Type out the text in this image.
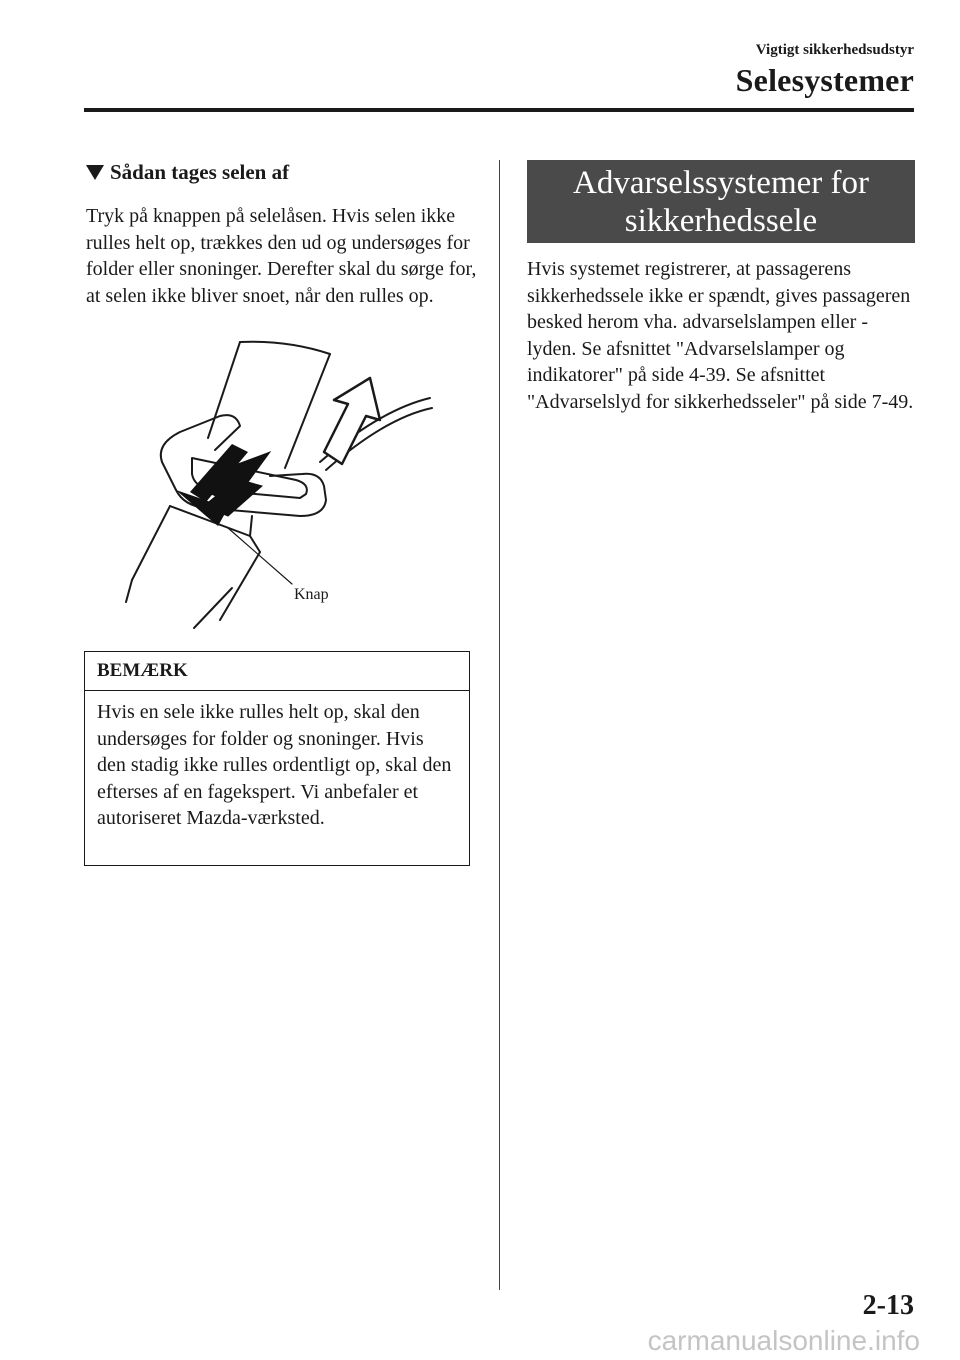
Vigtigt sikkerhedsudstyr
Selesystemer
Sådan tages selen af

Tryk på knappen på selelåsen. Hvis selen ikke rulles helt op, trækkes den ud og undersøges for folder eller snoninger. Derefter skal du sørge for, at selen ikke bliver snoet, når den rulles op.

Knap
BEMÆRK
Hvis en sele ikke rulles helt op, skal den undersøges for folder og snoninger. Hvis den stadig ikke rulles ordentligt op, skal den efterses af en fagekspert. Vi anbefaler et autoriseret Mazda-værksted.
Advarselssystemer for sikkerhedssele

Hvis systemet registrerer, at passagerens sikkerhedssele ikke er spændt, gives passageren besked herom vha. advarselslampen eller -lyden. Se afsnittet "Advarselslamper og indikatorer" på side 4-39. Se afsnittet "Advarselslyd for sikkerhedsseler" på side 7-49.

2-13
carmanualsonline.info
